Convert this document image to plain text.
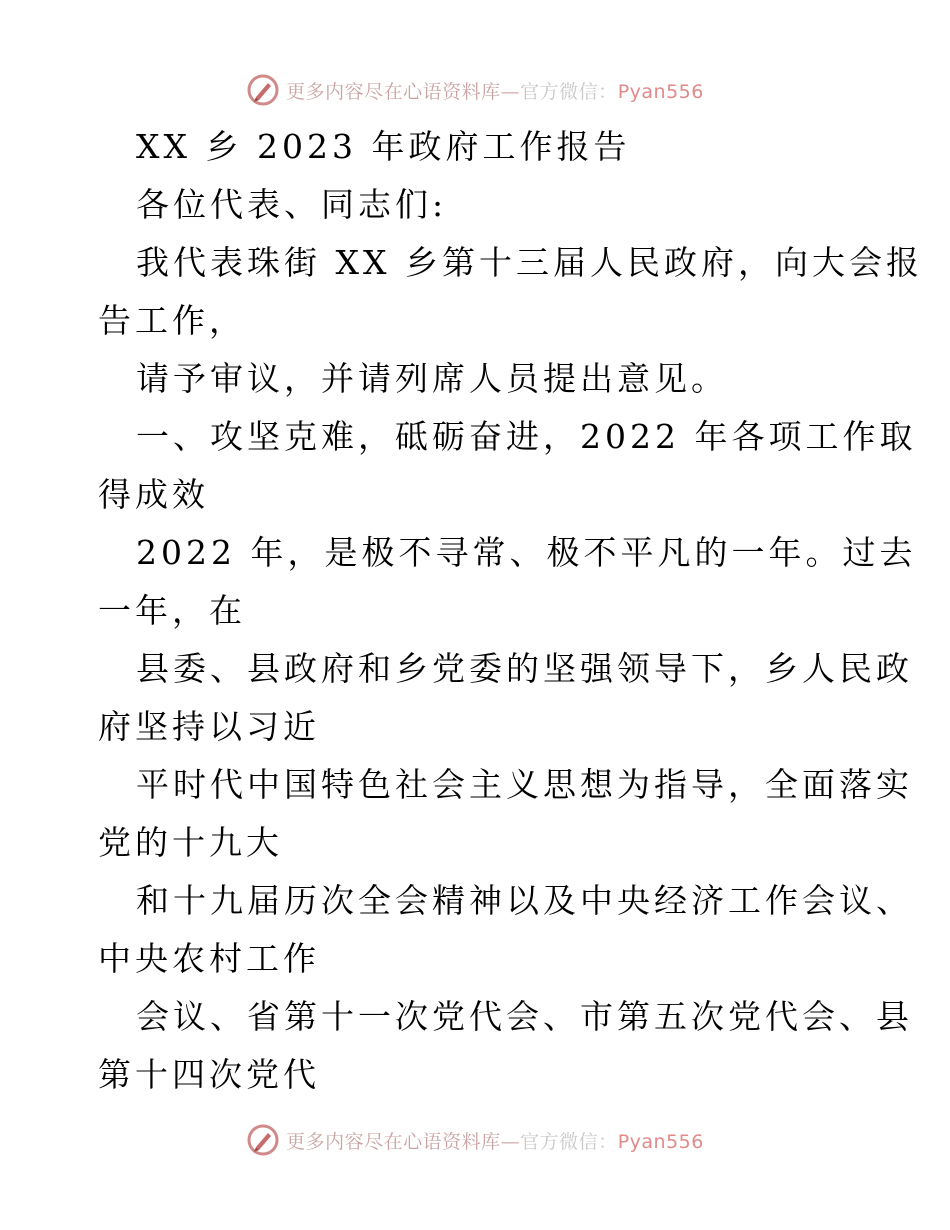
更多内容尽在心语资料库—官方微信：Pyan556
XX 乡 2023 年政府工作报告
各位代表、同志们:
我代表珠街 XX 乡第十三届人民政府，向大会报
告工作，
请予审议，并请列席人员提出意见。
一、攻坚克难，砥砺奋进，2022 年各项工作取
得成效
2022 年，是极不寻常、极不平凡的一年。过去
一年，在
县委、县政府和乡党委的坚强领导下，乡人民政
府坚持以习近
平时代中国特色社会主义思想为指导，全面落实
党的十九大
和十九届历次全会精神以及中央经济工作会议、
中央农村工作
会议、省第十一次党代会、市第五次党代会、县
第十四次党代
更多内容尽在心语资料库—官方微信：Pyan556
